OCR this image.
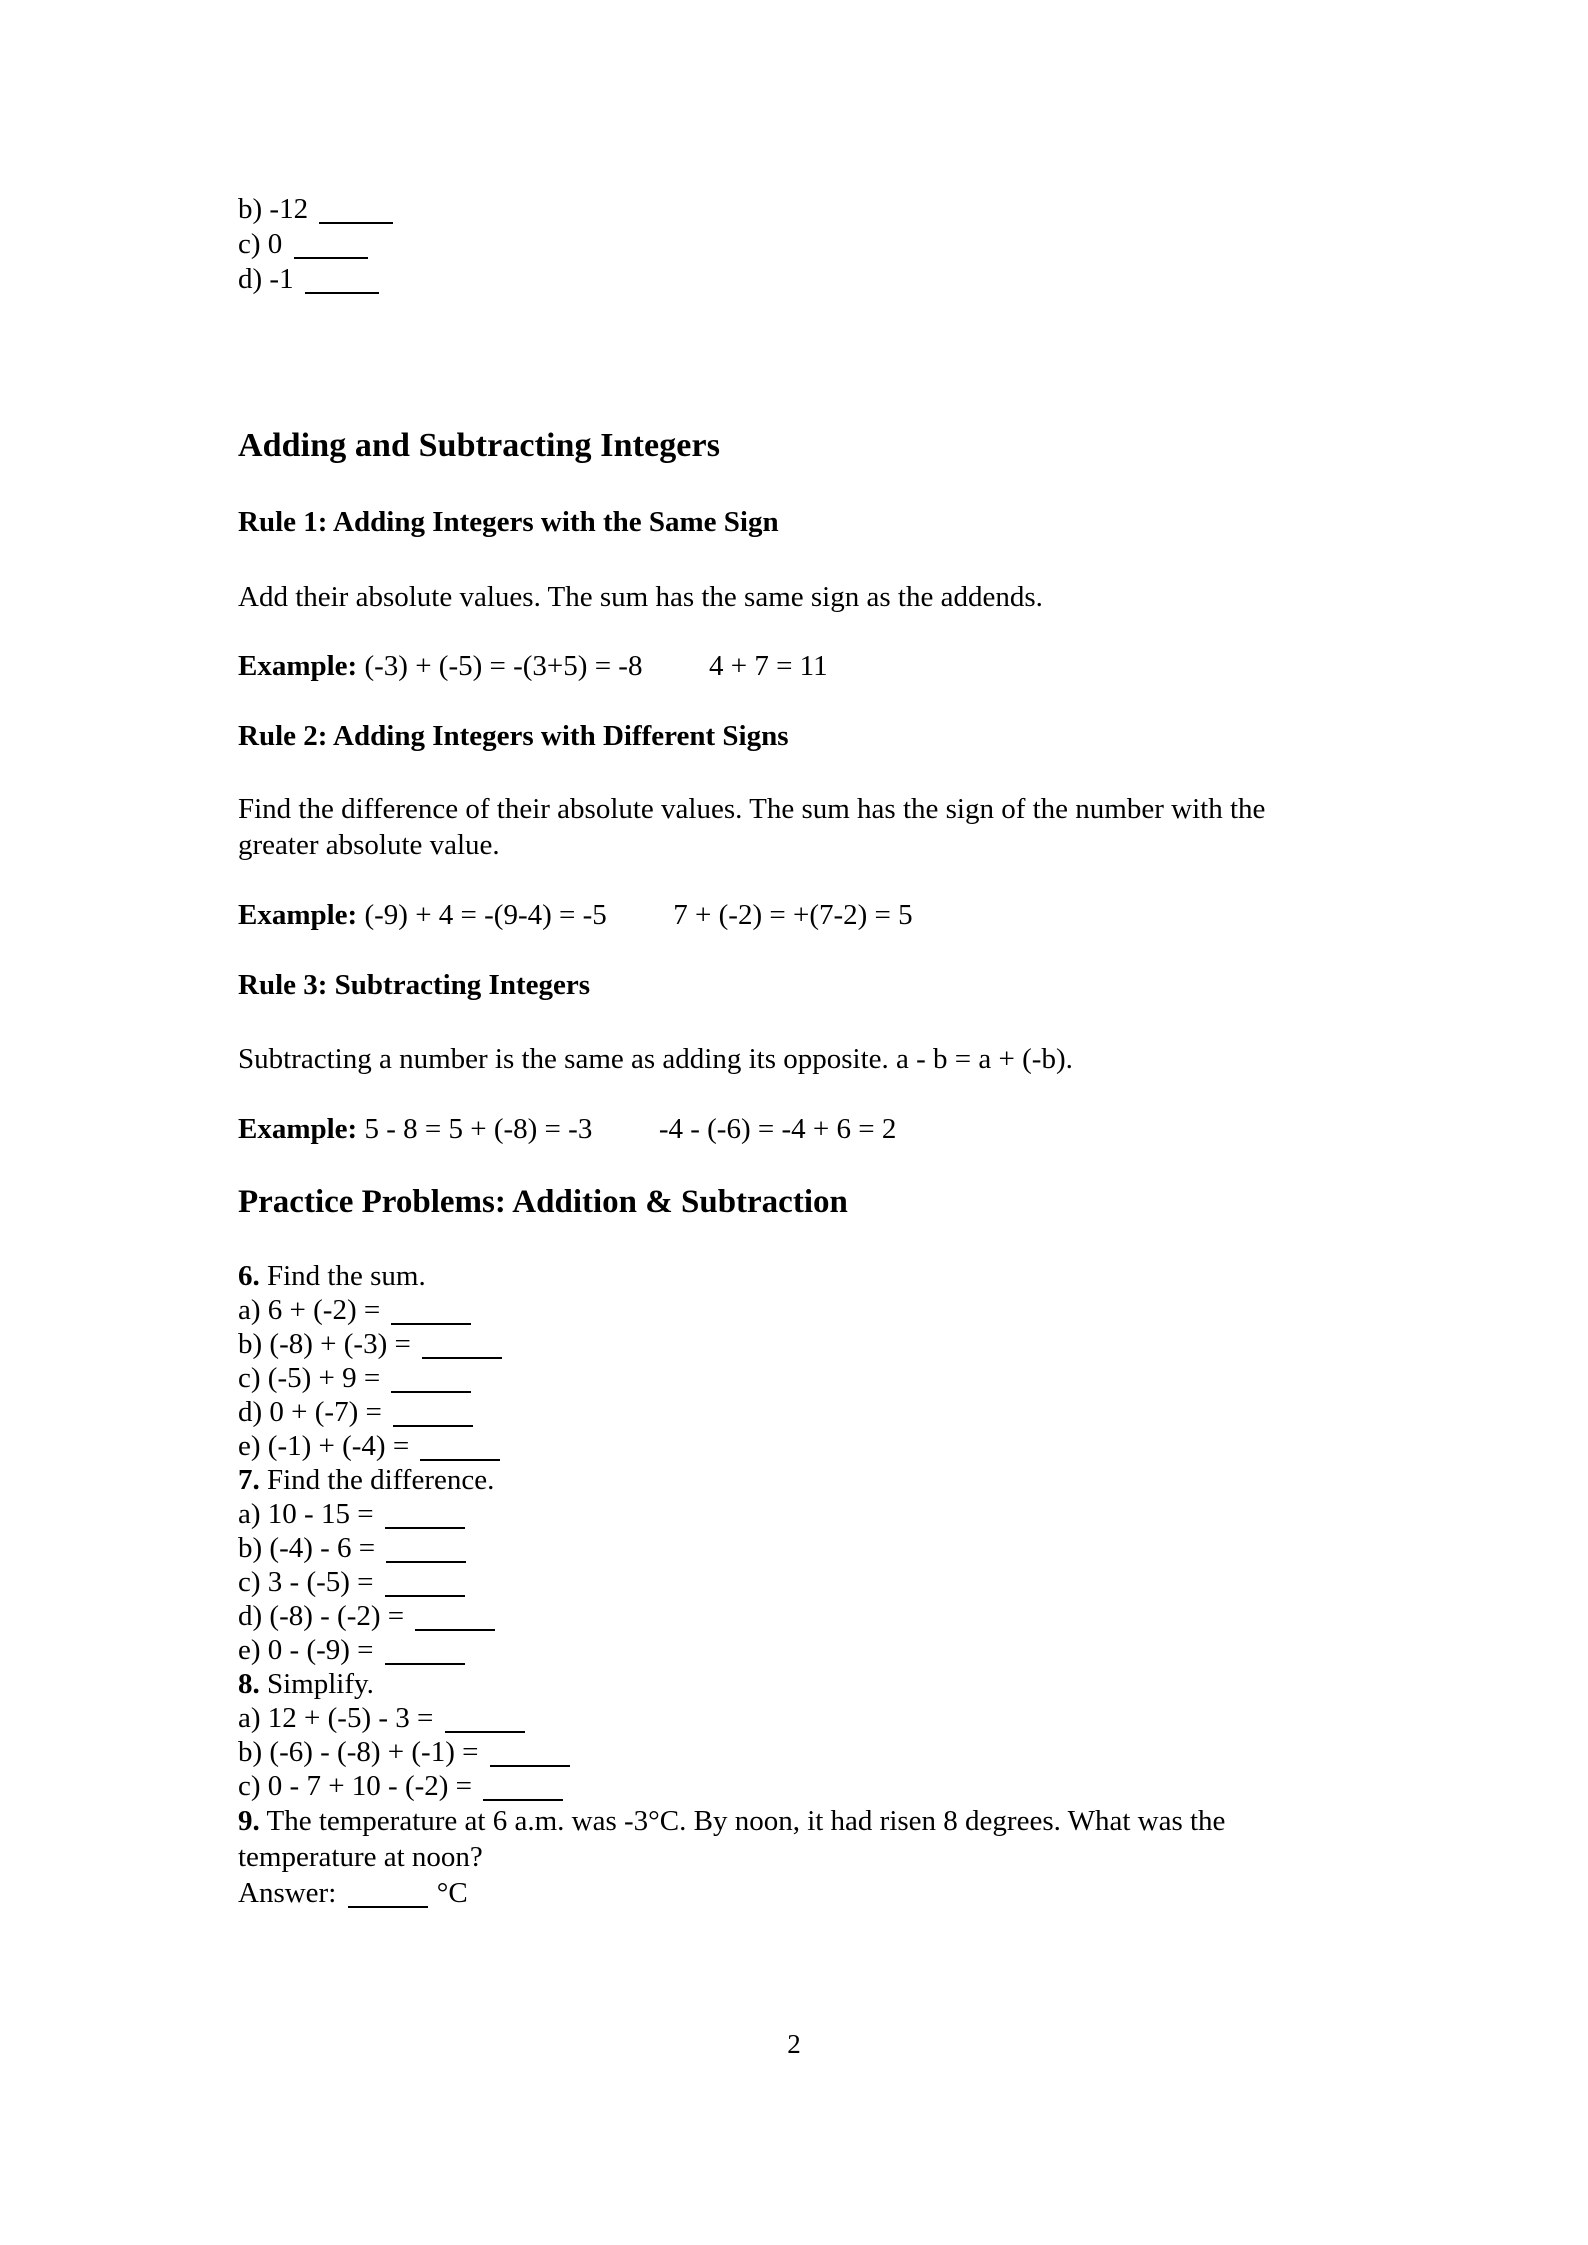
b) -12
c) 0
d) -1
Adding and Subtracting Integers
Rule 1: Adding Integers with the Same Sign

Add their absolute values. The sum has the same sign as the addends.

Example: (-3) + (-5) = -(3+5) = -8 4 + 7 = 11

Rule 2: Adding Integers with Different Signs

Find the difference of their absolute values. The sum has the sign of the number with the greater absolute value.

Example: (-9) + 4 = -(9-4) = -5 7 + (-2) = +(7-2) = 5

Rule 3: Subtracting Integers

Subtracting a number is the same as adding its opposite. a - b = a + (-b).

Example: 5 - 8 = 5 + (-8) = -3 -4 - (-6) = -4 + 6 = 2

Practice Problems: Addition & Subtraction
6. Find the sum.
a) 6 + (-2) =
b) (-8) + (-3) =
c) (-5) + 9 =
d) 0 + (-7) =
e) (-1) + (-4) =
7. Find the difference.
a) 10 - 15 =
b) (-4) - 6 =
c) 3 - (-5) =
d) (-8) - (-2) =
e) 0 - (-9) =
8. Simplify.
a) 12 + (-5) - 3 =
b) (-6) - (-8) + (-1) =
c) 0 - 7 + 10 - (-2) =

9. The temperature at 6 a.m. was -3°C. By noon, it had risen 8 degrees. What was the temperature at noon?

Answer:	°C
2
